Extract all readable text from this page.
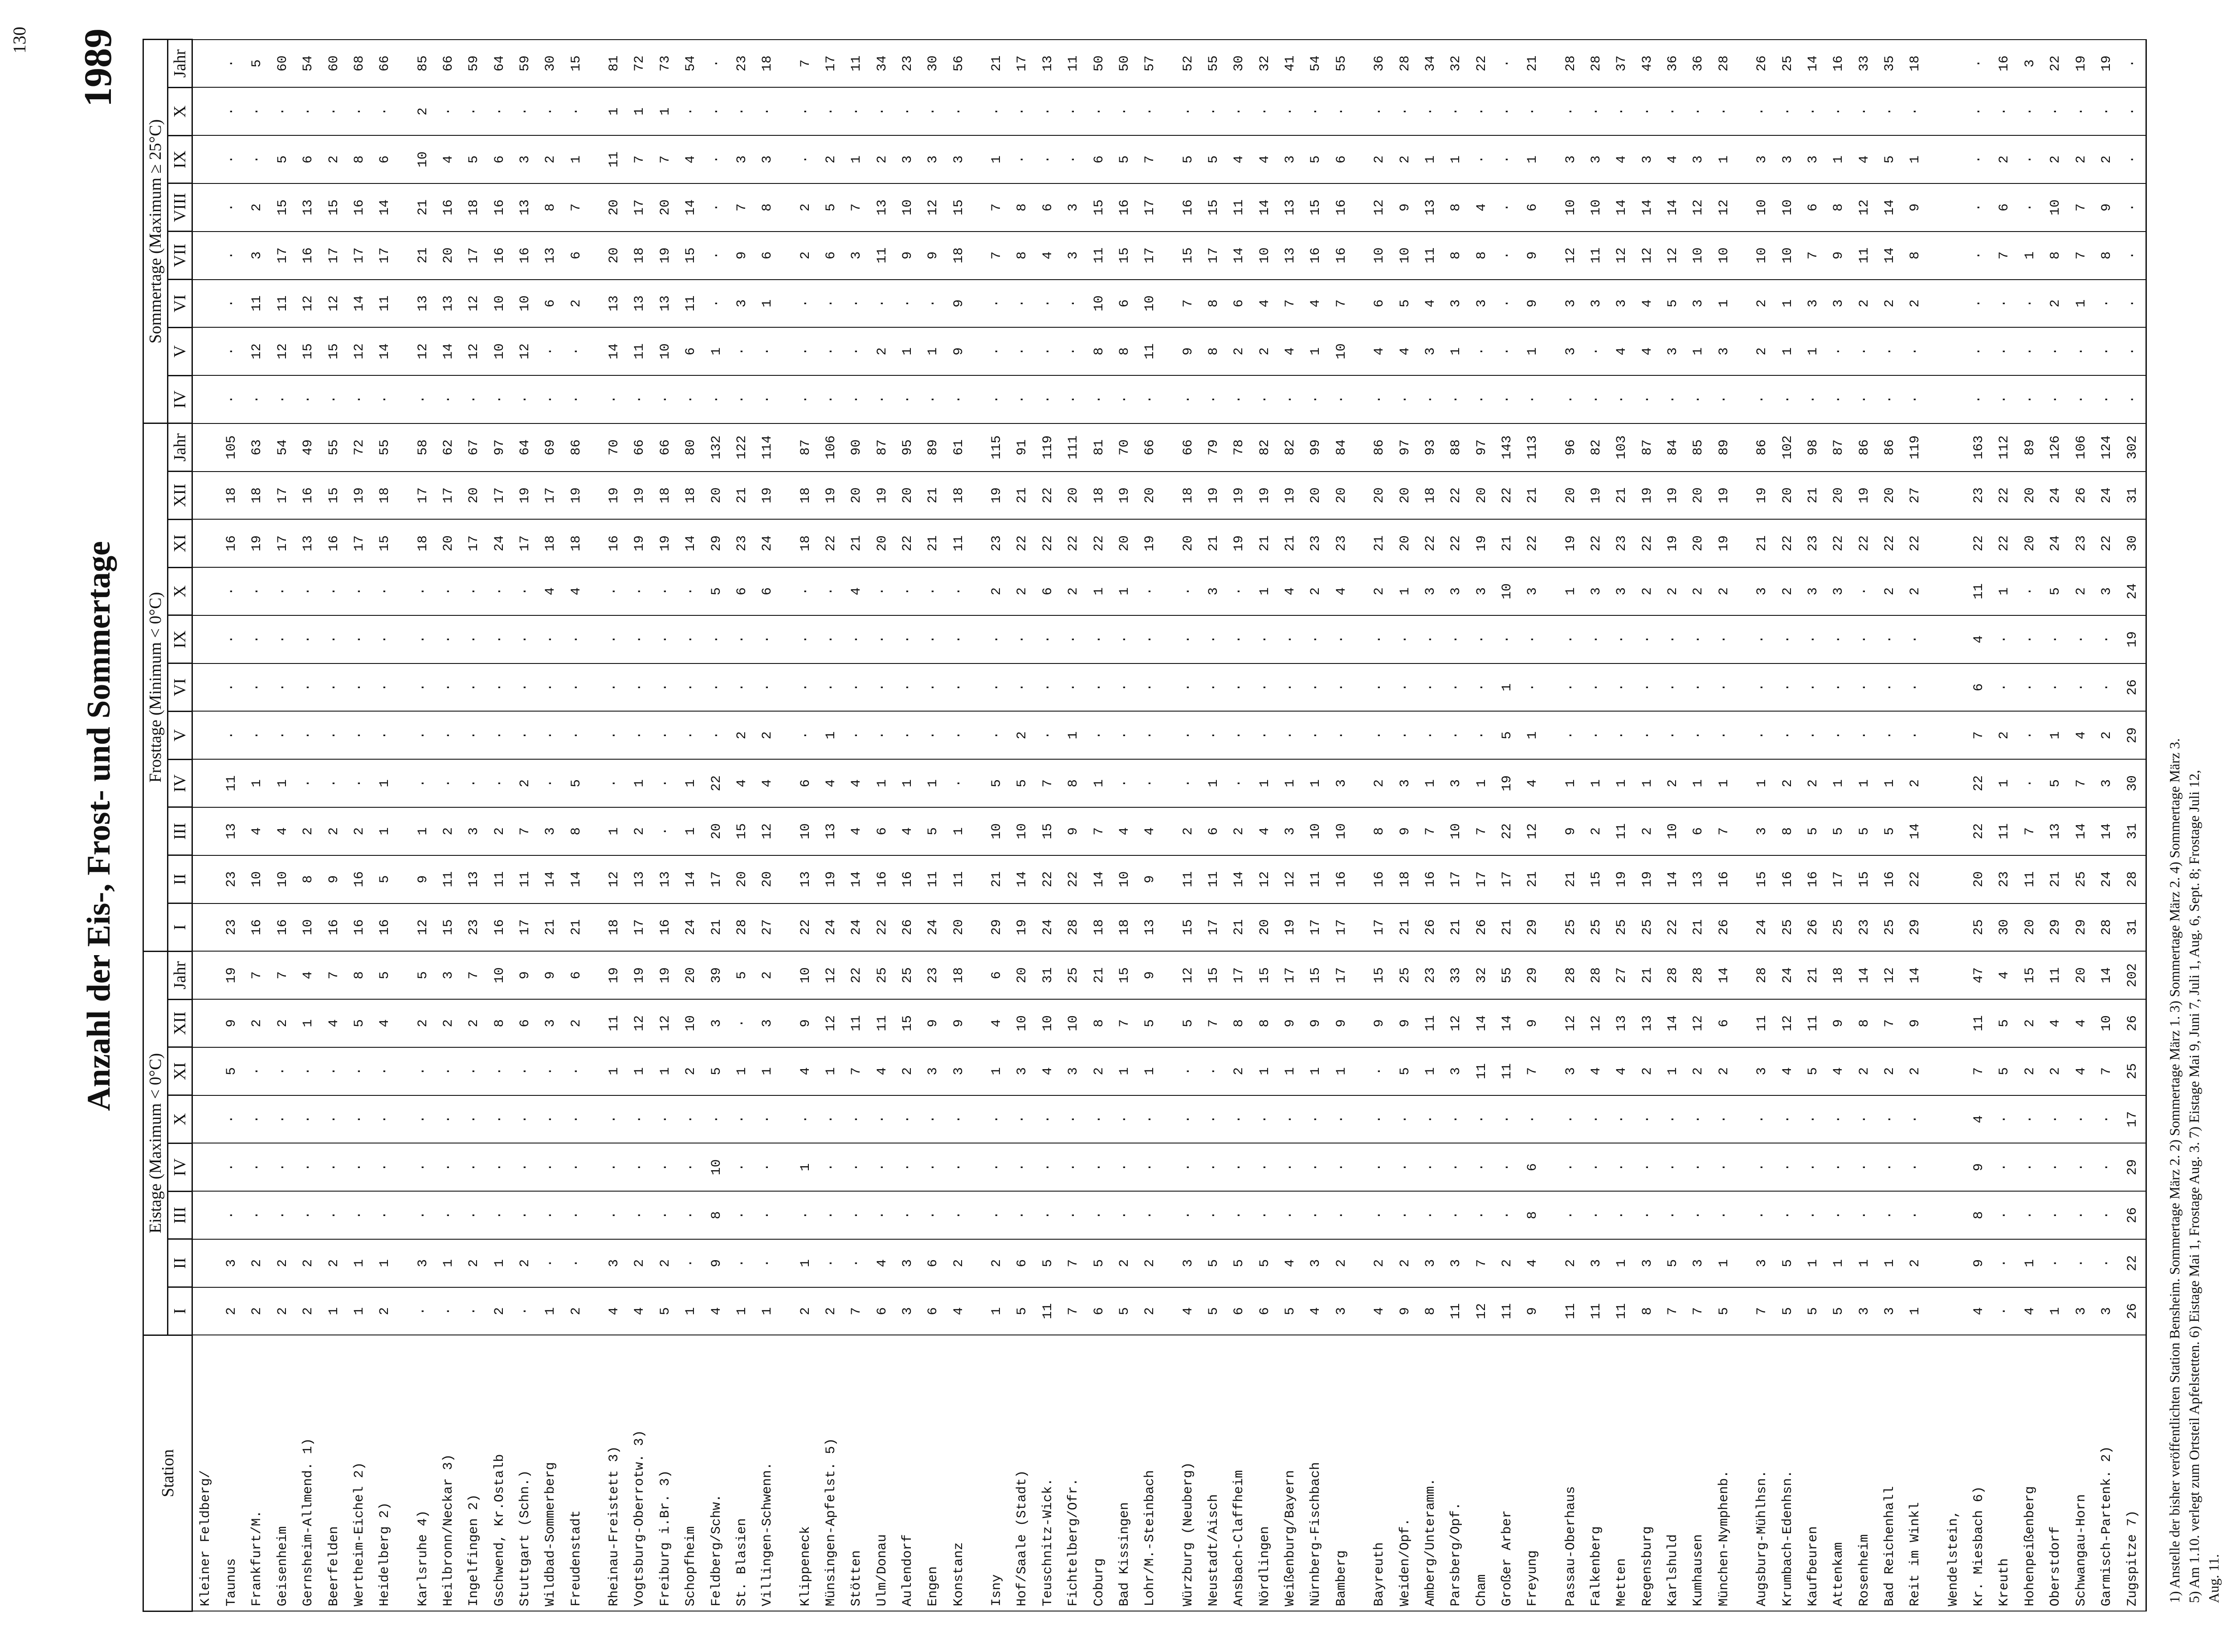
130
Anzahl der Eis-, Frost- und Sommertage
1989
Station	Eistage (Maximum < 0°C)								Frosttage (Minimum < 0°C)											Sommertage (Maximum ≥ 25°C)							
	I	II	III	IV	X	XI	XII	Jahr	I	II	III	IV	V	VI	IX	X	XI	XII	Jahr	IV	V	VI	VII	VIII	IX	X	Jahr
Kleiner Feldberg/																											
Taunus	2	3	·	·	·	5	9	19	23	23	13	11	·	·	·	·	16	18	105	·	·	·	·	·	·	·	·
Frankfurt/M.	2	2	·	·	·	·	2	7	16	10	4	1	·	·	·	·	19	18	63	·	12	11	3	2	·	·	5
Geisenheim	2	2	·	·	·	·	2	7	16	10	4	1	·	·	·	·	17	17	54	·	12	11	17	15	5	·	60
Gernsheim-Allmend. 1)	2	2	·	·	·	·	1	4	10	8	2	·	·	·	·	·	13	16	49	·	15	12	16	13	6	·	54
Beerfelden	1	2	·	·	·	·	4	7	16	9	2	·	·	·	·	·	16	15	55	·	15	12	17	15	2	·	60
Wertheim-Eichel 2)	1	1	·	·	·	·	5	8	16	16	2	·	·	·	·	·	17	19	72	·	12	14	17	16	8	·	68
Heidelberg 2)	2	1	·	·	·	·	4	5	16	5	1	1	·	·	·	·	15	18	55	·	14	11	17	14	6	·	66

Karlsruhe 4)	·	3	·	·	·	·	2	5	12	9	1	·	·	·	·	·	18	17	58	·	12	13	21	21	10	2	85
Heilbronn/Neckar 3)	·	1	·	·	·	·	2	3	15	11	2	·	·	·	·	·	20	17	62	·	14	13	20	16	4	·	66
Ingelfingen 2)	·	2	·	·	·	·	2	7	23	13	3	·	·	·	·	·	17	20	67	·	12	12	17	18	5	·	59
Gschwend, Kr.Ostalb	2	1	·	·	·	·	8	10	16	11	2	·	·	·	·	·	24	17	97	·	10	10	16	16	6	·	64
Stuttgart (Schn.)	·	2	·	·	·	·	6	9	17	11	7	2	·	·	·	·	17	19	64	·	12	10	16	13	3	·	59
Wildbad-Sommerberg	1	·	·	·	·	·	3	9	21	14	3	·	·	·	·	4	18	17	69	·	·	6	13	8	2	·	30
Freudenstadt	2	·	·	·	·	·	2	6	21	14	8	5	·	·	·	4	18	19	86	·	·	2	6	7	1	·	15

Rheinau-Freistett 3)	4	3	·	·	·	1	11	19	18	12	1	·	·	·	·	·	16	19	70	·	14	13	20	20	11	1	81
Vogtsburg-Oberrotw. 3)	4	2	·	·	·	1	12	19	17	13	2	1	·	·	·	·	19	19	66	·	11	13	18	17	7	1	72
Freiburg i.Br. 3)	5	2	·	·	·	1	12	19	16	13	·	·	·	·	·	·	19	18	66	·	10	13	19	20	7	1	73
Schopfheim	1	·	·	·	·	2	10	20	24	14	1	1	·	·	·	·	14	18	80	·	6	11	15	14	4	·	54
Feldberg/Schw.	4	9	8	10	·	5	3	39	21	17	20	22	·	·	·	5	29	20	132	·	1	·	·	·	·	·	·
St. Blasien	1	·	·	·	·	1	·	5	28	20	15	4	2	·	·	6	23	21	122	·	·	3	9	7	3	·	23
Villingen-Schwenn.	1	·	·	·	·	1	3	2	27	20	12	4	2	·	·	6	24	19	114	·	·	1	6	8	3	·	18

Klippeneck	2	1	·	1	·	4	9	10	22	13	10	6	·	·	·	·	18	18	87	·	·	·	2	2	·	·	7
Münsingen-Apfelst. 5)	2	·	·	·	·	1	12	12	24	19	13	4	1	·	·	·	22	19	106	·	·	·	6	5	2	·	17
Stötten	7	·	·	·	·	7	11	22	24	14	4	4	·	·	·	4	21	20	90	·	·	·	3	7	1	·	11
Ulm/Donau	6	4	·	·	·	4	11	25	22	16	6	1	·	·	·	·	20	19	87	·	2	·	11	13	2	·	34
Aulendorf	3	3	·	·	·	2	15	25	26	16	4	1	·	·	·	·	22	20	95	·	1	·	9	10	3	·	23
Engen	6	6	·	·	·	3	9	23	24	11	5	1	·	·	·	·	21	21	89	·	1	·	9	12	3	·	30
Konstanz	4	2	·	·	·	3	9	18	20	11	1	·	·	·	·	·	11	18	61	·	9	9	18	15	3	·	56

Isny	1	2	·	·	·	1	4	6	29	21	10	5	·	·	·	2	23	19	115	·	·	·	7	7	1	·	21
Hof/Saale (Stadt)	5	6	·	·	·	3	10	20	19	14	10	5	2	·	·	2	22	21	91	·	·	·	8	8	·	·	17
Teuschnitz-Wick.	11	5	·	·	·	4	10	31	24	22	15	7	·	·	·	6	22	22	119	·	·	·	4	6	·	·	13
Fichtelberg/Ofr.	7	7	·	·	·	3	10	25	28	22	9	8	1	·	·	2	22	20	111	·	·	·	3	3	·	·	11
Coburg	6	5	·	·	·	2	8	21	18	14	7	1	·	·	·	1	22	18	81	·	8	10	11	15	6	·	50
Bad Kissingen	5	2	·	·	·	1	7	15	18	10	4	·	·	·	·	1	20	19	70	·	8	6	15	16	5	·	50
Lohr/M.-Steinbach	2	2	·	·	·	1	5	9	13	9	4	·	·	·	·	·	19	20	66	·	11	10	17	17	7	·	57

Würzburg (Neuberg)	4	3	·	·	·	·	5	12	15	11	2	·	·	·	·	·	20	18	66	·	9	7	15	16	5	·	52
Neustadt/Aisch	5	5	·	·	·	·	7	15	17	11	6	1	·	·	·	3	21	19	79	·	8	8	17	15	5	·	55
Ansbach-Claffheim	6	5	·	·	·	2	8	17	21	14	2	·	·	·	·	·	19	19	78	·	2	6	14	11	4	·	30
Nördlingen	6	5	·	·	·	1	8	15	20	12	4	1	·	·	·	1	21	19	82	·	2	4	10	14	4	·	32
Weißenburg/Bayern	5	4	·	·	·	1	9	17	19	12	3	1	·	·	·	4	21	19	82	·	4	7	13	13	3	·	41
Nürnberg-Fischbach	4	3	·	·	·	1	9	15	17	11	10	1	·	·	·	2	23	20	99	·	1	4	16	15	5	·	54
Bamberg	3	2	·	·	·	1	9	17	17	16	10	3	·	·	·	4	23	20	84	·	10	7	16	16	6	·	55

Bayreuth	4	2	·	·	·	·	9	15	17	16	8	2	·	·	·	2	21	20	86	·	4	6	10	12	2	·	36
Weiden/Opf.	9	2	·	·	·	5	9	25	21	18	9	3	·	·	·	1	20	20	97	·	4	5	10	9	2	·	28
Amberg/Unteramm.	8	3	·	·	·	1	11	23	26	16	7	1	·	·	·	3	22	18	93	·	3	4	11	13	1	·	34
Parsberg/Opf.	11	3	·	·	·	3	12	33	21	17	10	3	·	·	·	3	22	22	88	·	1	3	8	8	1	·	32
Cham	12	7	·	·	·	11	14	32	26	17	7	1	·	·	·	3	19	20	97	·	·	3	8	4	·	·	22
Großer Arber	11	2	·	·	·	11	14	55	21	17	22	19	5	1	·	10	21	22	143	·	·	·	·	·	·	·	·
Freyung	9	4	8	6	·	7	9	29	29	21	12	4	1	·	·	3	22	21	113	·	1	9	9	6	1	·	21

Passau-Oberhaus	11	2	·	·	·	3	12	28	25	21	9	1	·	·	·	1	19	20	96	·	3	3	12	10	3	·	28
Falkenberg	11	3	·	·	·	4	12	28	25	15	2	1	·	·	·	3	22	19	82	·	·	3	11	10	3	·	28
Metten	11	1	·	·	·	4	13	27	25	19	11	1	·	·	·	3	23	21	103	·	4	3	12	14	4	·	37
Regensburg	8	3	·	·	·	2	13	21	25	19	2	1	·	·	·	2	22	19	87	·	4	4	12	14	3	·	43
Karlshuld	7	5	·	·	·	1	14	28	22	14	10	2	·	·	·	2	19	19	84	·	3	5	12	14	4	·	36
Kumhausen	7	3	·	·	·	2	12	28	21	13	6	1	·	·	·	2	20	20	85	·	1	3	10	12	3	·	36
München-Nymphenb.	5	1	·	·	·	2	6	14	26	16	7	1	·	·	·	2	19	19	89	·	3	1	10	12	1	·	28

Augsburg-Mühlhsn.	7	3	·	·	·	3	11	28	24	15	3	1	·	·	·	3	21	19	86	·	2	2	10	10	3	·	26
Krumbach-Edenhsn.	5	5	·	·	·	4	12	24	25	16	8	2	·	·	·	2	22	20	102	·	1	1	10	10	3	·	25
Kaufbeuren	5	1	·	·	·	5	11	21	26	16	5	2	·	·	·	3	23	21	98	·	1	3	7	6	3	·	14
Attenkam	5	1	·	·	·	4	9	18	25	17	5	1	·	·	·	3	22	20	87	·	·	3	9	8	1	·	16
Rosenheim	3	1	·	·	·	2	8	14	23	15	5	1	·	·	·	·	22	19	86	·	·	2	11	12	4	·	33
Bad Reichenhall	3	1	·	·	·	2	7	12	25	16	5	1	·	·	·	2	22	20	86	·	·	2	14	14	5	·	35
Reit im Winkl	1	2	·	·	·	2	9	14	29	22	14	2	·	·	·	2	22	27	119	·	·	2	8	9	1	·	18

Wendelstein,																											
Kr. Miesbach 6)	4	9	8	9	4	7	11	47	25	20	22	22	7	6	4	11	22	23	163	·	·	·	·	·	·	·	·
Kreuth	·	·	·	·	·	5	5	4	30	23	11	1	2	·	·	1	22	22	112	·	·	·	7	6	2	·	16
Hohenpeißenberg	4	1	·	·	·	2	2	15	20	11	7	·	·	·	·	·	20	20	89	·	·	·	1	·	·	·	3
Oberstdorf	1	·	·	·	·	2	4	11	29	21	13	5	1	·	·	5	24	24	126	·	·	2	8	10	2	·	22
Schwangau-Horn	3	·	·	·	·	4	4	20	29	25	14	7	4	·	·	2	23	26	106	·	·	1	7	7	2	·	19
Garmisch-Partenk. 2)	3	·	·	·	·	7	10	14	28	24	14	3	2	·	·	3	22	24	124	·	·	·	8	9	2	·	19
Zugspitze 7)	26	22	26	29	17	25	26	202	31	28	31	30	29	26	19	24	30	31	302	·	·	·	·	·	·	·	·
1) Anstelle der bisher veröffentlichten Station Bensheim. Sommertage März 2. 2) Sommertage März 1. 3) Sommertage März 2. 4) Sommertage März 3. 5) Am 1.10. verlegt zum Ortsteil Apfelstetten. 6) Eistage Mai 1, Frostage Aug. 3. 7) Eistage Mai 9, Juni 7, Juli 1, Aug. 6, Sept. 8; Frostage Juli 12, Aug. 11.
